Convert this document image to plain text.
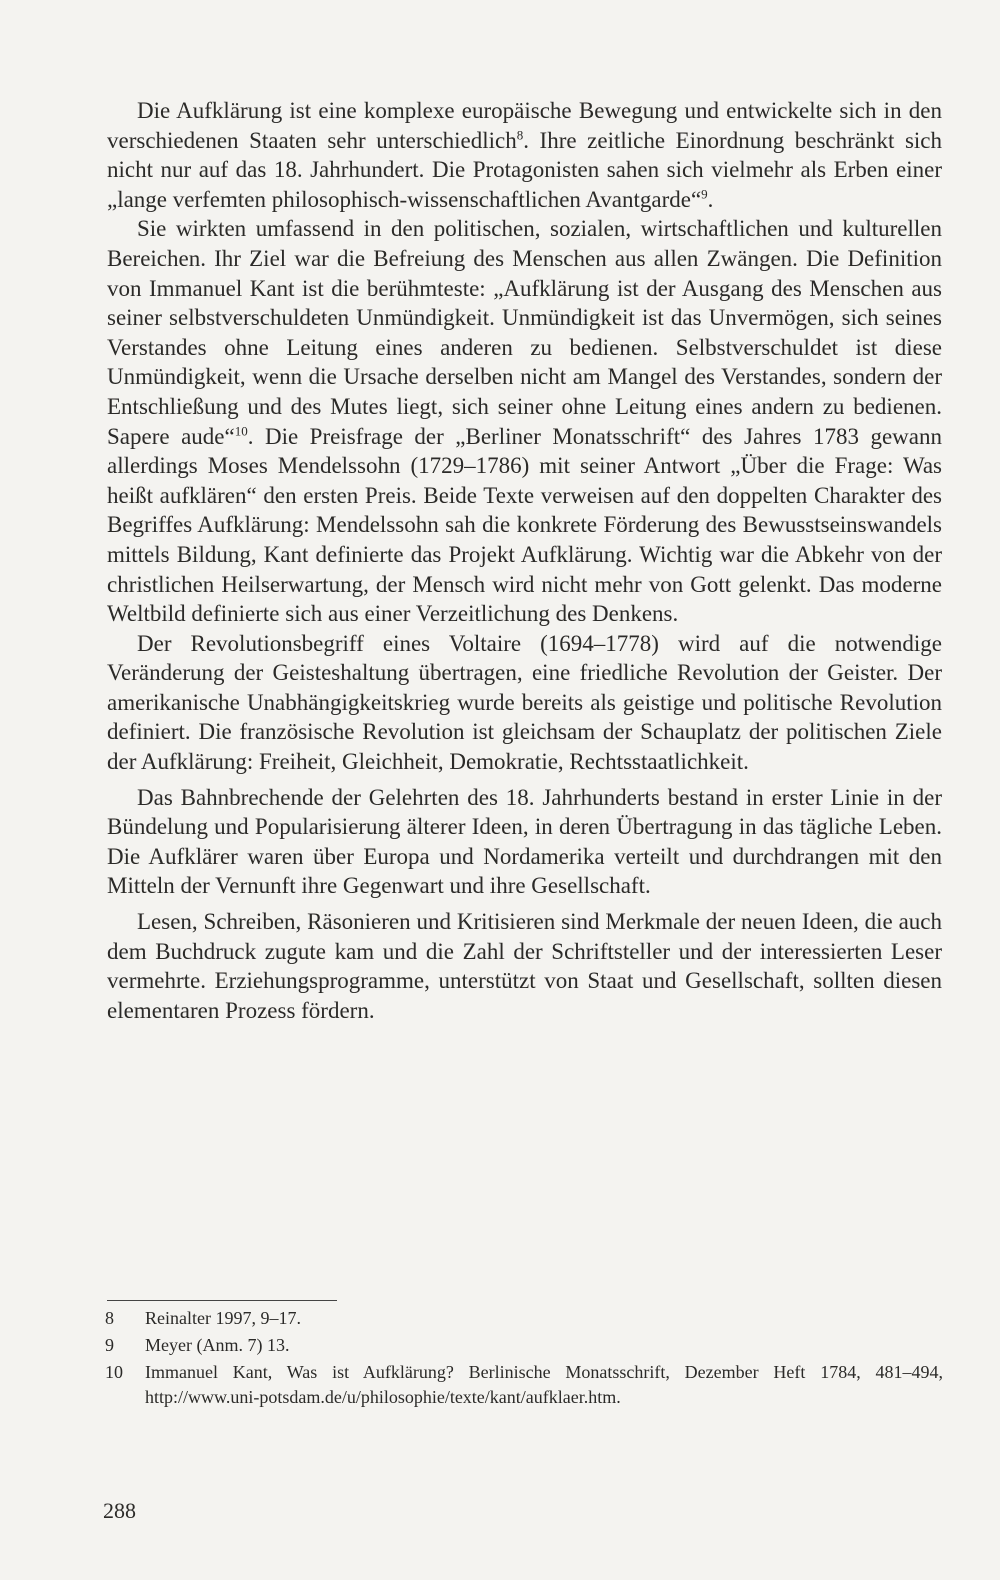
Die Aufklärung ist eine komplexe europäische Bewegung und entwickelte sich in den verschiedenen Staaten sehr unterschiedlich$^8$. Ihre zeitliche Einordnung beschränkt sich nicht nur auf das 18. Jahrhundert. Die Protagonisten sahen sich vielmehr als Erben einer „lange verfemten philosophisch-wissenschaftlichen Avantgarde“$^9$.

Sie wirkten umfassend in den politischen, sozialen, wirtschaftlichen und kulturellen Bereichen. Ihr Ziel war die Befreiung des Menschen aus allen Zwängen. Die Definition von Immanuel Kant ist die berühmteste: „Aufklärung ist der Ausgang des Menschen aus seiner selbstverschuldeten Unmündigkeit. Unmündigkeit ist das Unvermögen, sich seines Verstandes ohne Leitung eines anderen zu bedienen. Selbstverschuldet ist diese Unmündigkeit, wenn die Ursache derselben nicht am Mangel des Verstandes, sondern der Entschließung und des Mutes liegt, sich seiner ohne Leitung eines andern zu bedienen. Sapere aude“$^{10}$. Die Preisfrage der „Berliner Monatsschrift“ des Jahres 1783 gewann allerdings Moses Mendelssohn (1729–1786) mit seiner Antwort „Über die Frage: Was heißt aufklären“ den ersten Preis. Beide Texte verweisen auf den doppelten Charakter des Begriffes Aufklärung: Mendelssohn sah die konkrete Förderung des Bewusstseinswandels mittels Bildung, Kant definierte das Projekt Aufklärung. Wichtig war die Abkehr von der christlichen Heilserwartung, der Mensch wird nicht mehr von Gott gelenkt. Das moderne Weltbild definierte sich aus einer Verzeitlichung des Denkens.

Der Revolutionsbegriff eines Voltaire (1694–1778) wird auf die notwendige Veränderung der Geisteshaltung übertragen, eine friedliche Revolution der Geister. Der amerikanische Unabhängigkeitskrieg wurde bereits als geistige und politische Revolution definiert. Die französische Revolution ist gleichsam der Schauplatz der politischen Ziele der Aufklärung: Freiheit, Gleichheit, Demokratie, Rechtsstaatlichkeit.

Das Bahnbrechende der Gelehrten des 18. Jahrhunderts bestand in erster Linie in der Bündelung und Popularisierung älterer Ideen, in deren Übertragung in das tägliche Leben. Die Aufklärer waren über Europa und Nordamerika verteilt und durchdrangen mit den Mitteln der Vernunft ihre Gegenwart und ihre Gesellschaft.

Lesen, Schreiben, Räsonieren und Kritisieren sind Merkmale der neuen Ideen, die auch dem Buchdruck zugute kam und die Zahl der Schriftsteller und der interessierten Leser vermehrte. Erziehungsprogramme, unterstützt von Staat und Gesellschaft, sollten diesen elementaren Prozess fördern.

8	Reinalter 1997, 9–17.
9	Meyer (Anm. 7) 13.
10	Immanuel Kant, Was ist Aufklärung? Berlinische Monatsschrift, Dezember Heft 1784, 481–494, http://www.uni-potsdam.de/u/philosophie/texte/kant/aufklaer.htm.
288
